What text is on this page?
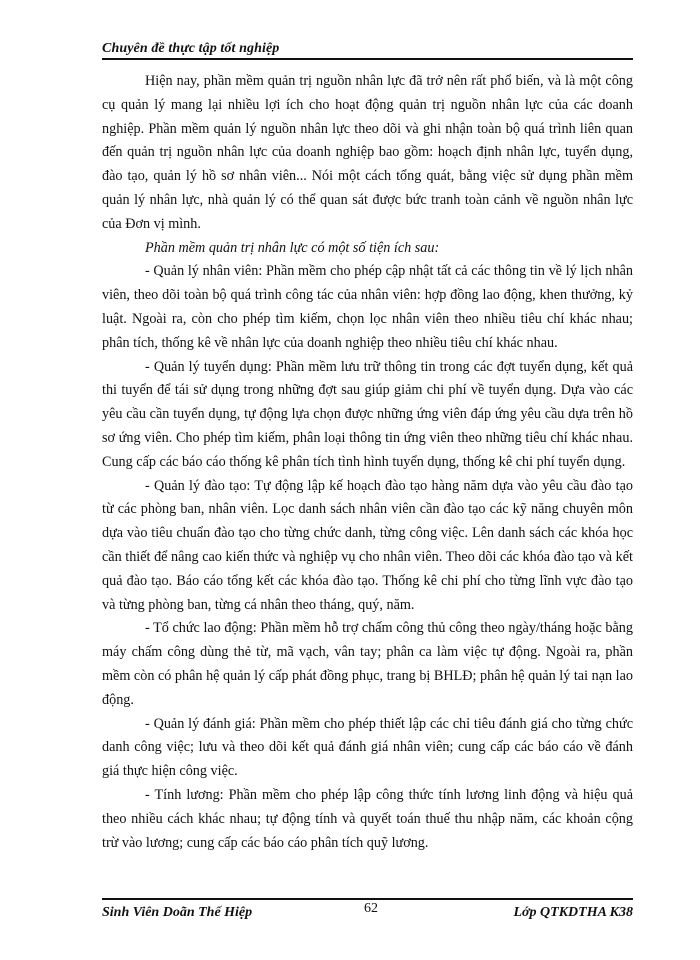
Chuyên đề thực tập tốt nghiệp

Hiện nay, phần mềm quản trị nguồn nhân lực đã trở nên rất phổ biến, và là một công cụ quản lý mang lại nhiều lợi ích cho hoạt động quản trị nguồn nhân lực của các doanh nghiệp. Phần mềm quản lý nguồn nhân lực theo dõi và ghi nhận toàn bộ quá trình liên quan đến quản trị nguồn nhân lực của doanh nghiệp bao gồm: hoạch định nhân lực, tuyển dụng, đào tạo, quản lý hồ sơ nhân viên... Nói một cách tổng quát, bằng việc sử dụng phần mềm quản lý nhân lực, nhà quản lý có thể quan sát được bức tranh toàn cảnh về nguồn nhân lực của Đơn vị mình.

Phần mềm quản trị nhân lực có một số tiện ích sau:

- Quản lý nhân viên: Phần mềm cho phép cập nhật tất cả các thông tin về lý lịch nhân viên, theo dõi toàn bộ quá trình công tác của nhân viên: hợp đồng lao động, khen thưởng, kỷ luật. Ngoài ra, còn cho phép tìm kiếm, chọn lọc nhân viên theo nhiều tiêu chí khác nhau; phân tích, thống kê về nhân lực của doanh nghiệp theo nhiều tiêu chí khác nhau.

- Quản lý tuyển dụng: Phần mềm lưu trữ thông tin trong các đợt tuyển dụng, kết quả thi tuyển để tái sử dụng trong những đợt sau giúp giảm chi phí về tuyển dụng. Dựa vào các yêu cầu cần tuyển dụng, tự động lựa chọn được những ứng viên đáp ứng yêu cầu dựa trên hồ sơ ứng viên. Cho phép tìm kiếm, phân loại thông tin ứng viên theo những tiêu chí khác nhau. Cung cấp các báo cáo thống kê phân tích tình hình tuyển dụng, thống kê chi phí tuyển dụng.

- Quản lý đào tạo: Tự động lập kế hoạch đào tạo hàng năm dựa vào yêu cầu đào tạo từ các phòng ban, nhân viên. Lọc danh sách nhân viên cần đào tạo các kỹ năng chuyên môn dựa vào tiêu chuẩn đào tạo cho từng chức danh, từng công việc. Lên danh sách các khóa học cần thiết để nâng cao kiến thức và nghiệp vụ cho nhân viên. Theo dõi các khóa đào tạo và kết quả đào tạo. Báo cáo tổng kết các khóa đào tạo. Thống kê chi phí cho từng lĩnh vực đào tạo và từng phòng ban, từng cá nhân theo tháng, quý, năm.

- Tổ chức lao động: Phần mềm hỗ trợ chấm công thủ công theo ngày/tháng hoặc bằng máy chấm công dùng thẻ từ, mã vạch, vân tay; phân ca làm việc tự động. Ngoài ra, phần mềm còn có phân hệ quản lý cấp phát đồng phục, trang bị BHLĐ; phân hệ quản lý tai nạn lao động.

- Quản lý đánh giá: Phần mềm cho phép thiết lập các chỉ tiêu đánh giá cho từng chức danh công việc; lưu và theo dõi kết quả đánh giá nhân viên; cung cấp các báo cáo về đánh giá thực hiện công việc.

- Tính lương: Phần mềm cho phép lập công thức tính lương linh động và hiệu quả theo nhiều cách khác nhau; tự động tính và quyết toán thuế thu nhập năm, các khoản cộng trừ vào lương; cung cấp các báo cáo phân tích quỹ lương.

Sinh Viên Doãn Thế Hiệp	62	Lớp QTKDTHA K38
